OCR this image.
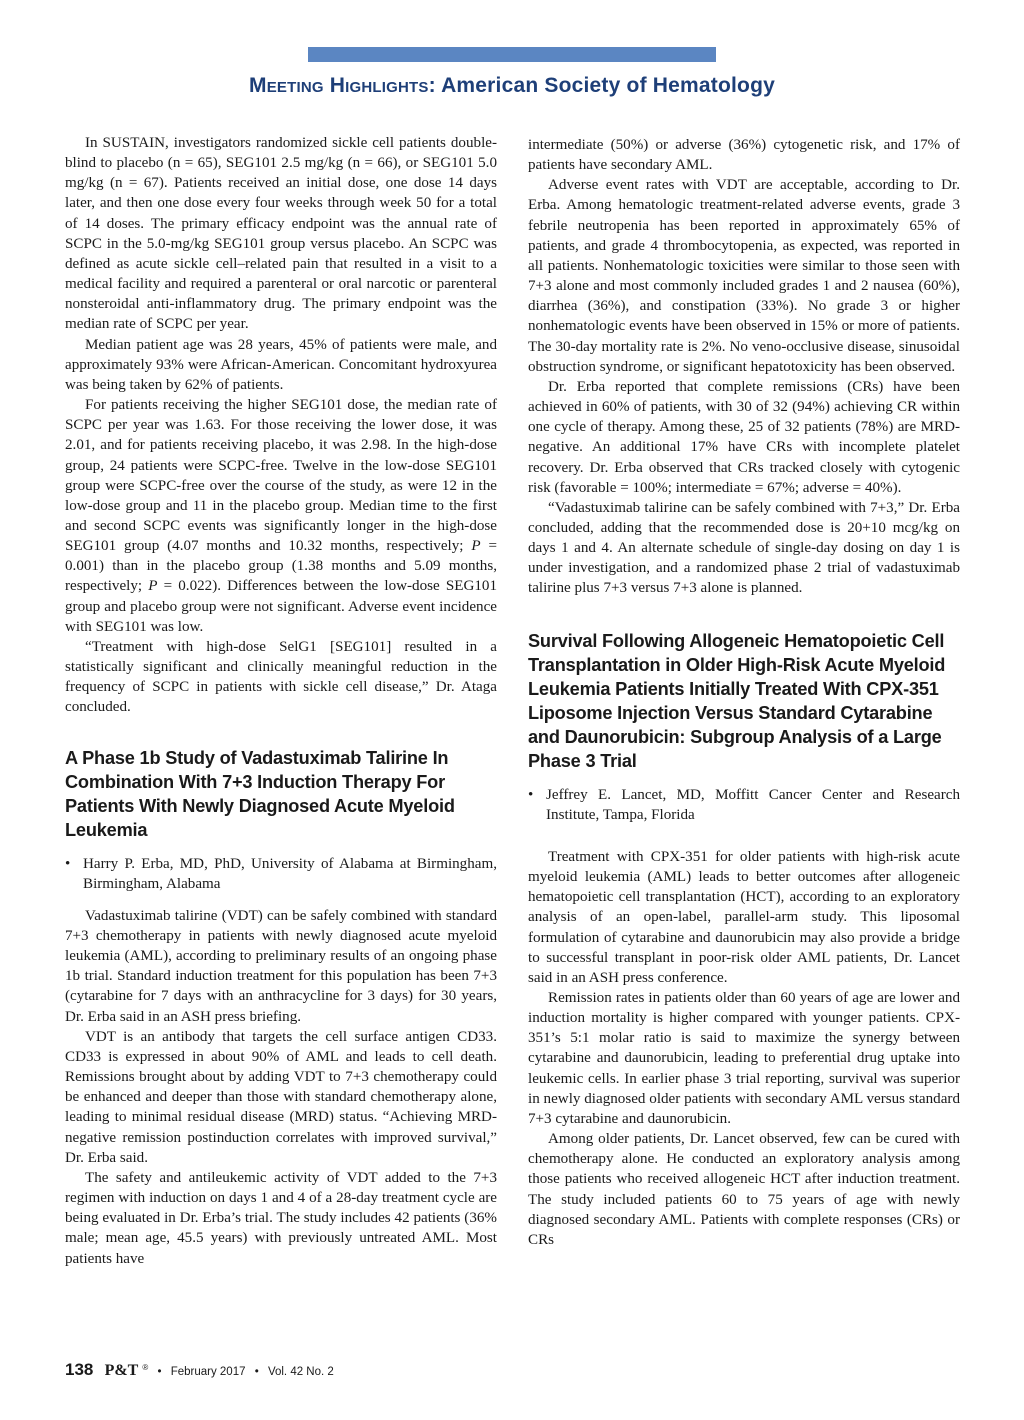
Meeting Highlights: American Society of Hematology

In SUSTAIN, investigators randomized sickle cell patients double-blind to placebo (n = 65), SEG101 2.5 mg/kg (n = 66), or SEG101 5.0 mg/kg (n = 67). Patients received an initial dose, one dose 14 days later, and then one dose every four weeks through week 50 for a total of 14 doses. The primary efficacy endpoint was the annual rate of SCPC in the 5.0-mg/kg SEG101 group versus placebo. An SCPC was defined as acute sickle cell–related pain that resulted in a visit to a medical facility and required a parenteral or oral narcotic or parenteral nonsteroidal anti-inflammatory drug. The primary endpoint was the median rate of SCPC per year.

Median patient age was 28 years, 45% of patients were male, and approximately 93% were African-American. Concomitant hydroxyurea was being taken by 62% of patients.

For patients receiving the higher SEG101 dose, the median rate of SCPC per year was 1.63. For those receiving the lower dose, it was 2.01, and for patients receiving placebo, it was 2.98. In the high-dose group, 24 patients were SCPC-free. Twelve in the low-dose SEG101 group were SCPC-free over the course of the study, as were 12 in the low-dose group and 11 in the placebo group. Median time to the first and second SCPC events was significantly longer in the high-dose SEG101 group (4.07 months and 10.32 months, respectively; P = 0.001) than in the placebo group (1.38 months and 5.09 months, respectively; P = 0.022). Differences between the low-dose SEG101 group and placebo group were not significant. Adverse event incidence with SEG101 was low.

“Treatment with high-dose SelG1 [SEG101] resulted in a statistically significant and clinically meaningful reduction in the frequency of SCPC in patients with sickle cell disease,” Dr. Ataga concluded.

A Phase 1b Study of Vadastuximab Talirine In Combination With 7+3 Induction Therapy For Patients With Newly Diagnosed Acute Myeloid Leukemia

• Harry P. Erba, MD, PhD, University of Alabama at Birmingham, Birmingham, Alabama

Vadastuximab talirine (VDT) can be safely combined with standard 7+3 chemotherapy in patients with newly diagnosed acute myeloid leukemia (AML), according to preliminary results of an ongoing phase 1b trial. Standard induction treatment for this population has been 7+3 (cytarabine for 7 days with an anthracycline for 3 days) for 30 years, Dr. Erba said in an ASH press briefing.

VDT is an antibody that targets the cell surface antigen CD33. CD33 is expressed in about 90% of AML and leads to cell death. Remissions brought about by adding VDT to 7+3 chemotherapy could be enhanced and deeper than those with standard chemotherapy alone, leading to minimal residual disease (MRD) status. “Achieving MRD-negative remission postinduction correlates with improved survival,” Dr. Erba said.

The safety and antileukemic activity of VDT added to the 7+3 regimen with induction on days 1 and 4 of a 28-day treatment cycle are being evaluated in Dr. Erba’s trial. The study includes 42 patients (36% male; mean age, 45.5 years) with previously untreated AML. Most patients have

intermediate (50%) or adverse (36%) cytogenetic risk, and 17% of patients have secondary AML.

Adverse event rates with VDT are acceptable, according to Dr. Erba. Among hematologic treatment-related adverse events, grade 3 febrile neutropenia has been reported in approximately 65% of patients, and grade 4 thrombocytopenia, as expected, was reported in all patients. Nonhematologic toxicities were similar to those seen with 7+3 alone and most commonly included grades 1 and 2 nausea (60%), diarrhea (36%), and constipation (33%). No grade 3 or higher nonhematologic events have been observed in 15% or more of patients. The 30-day mortality rate is 2%. No veno-occlusive disease, sinusoidal obstruction syndrome, or significant hepatotoxicity has been observed.

Dr. Erba reported that complete remissions (CRs) have been achieved in 60% of patients, with 30 of 32 (94%) achieving CR within one cycle of therapy. Among these, 25 of 32 patients (78%) are MRD-negative. An additional 17% have CRs with incomplete platelet recovery. Dr. Erba observed that CRs tracked closely with cytogenic risk (favorable = 100%; intermediate = 67%; adverse = 40%).

“Vadastuximab talirine can be safely combined with 7+3,” Dr. Erba concluded, adding that the recommended dose is 20+10 mcg/kg on days 1 and 4. An alternate schedule of single-day dosing on day 1 is under investigation, and a randomized phase 2 trial of vadastuximab talirine plus 7+3 versus 7+3 alone is planned.

Survival Following Allogeneic Hematopoietic Cell Transplantation in Older High-Risk Acute Myeloid Leukemia Patients Initially Treated With CPX-351 Liposome Injection Versus Standard Cytarabine and Daunorubicin: Subgroup Analysis of a Large Phase 3 Trial

• Jeffrey E. Lancet, MD, Moffitt Cancer Center and Research Institute, Tampa, Florida

Treatment with CPX-351 for older patients with high-risk acute myeloid leukemia (AML) leads to better outcomes after allogeneic hematopoietic cell transplantation (HCT), according to an exploratory analysis of an open-label, parallel-arm study. This liposomal formulation of cytarabine and daunorubicin may also provide a bridge to successful transplant in poor-risk older AML patients, Dr. Lancet said in an ASH press conference.

Remission rates in patients older than 60 years of age are lower and induction mortality is higher compared with younger patients. CPX-351’s 5:1 molar ratio is said to maximize the synergy between cytarabine and daunorubicin, leading to preferential drug uptake into leukemic cells. In earlier phase 3 trial reporting, survival was superior in newly diagnosed older patients with secondary AML versus standard 7+3 cytarabine and daunorubicin.

Among older patients, Dr. Lancet observed, few can be cured with chemotherapy alone. He conducted an exploratory analysis among those patients who received allogeneic HCT after induction treatment. The study included patients 60 to 75 years of age with newly diagnosed secondary AML. Patients with complete responses (CRs) or CRs

138 P&T ® • February 2017 • Vol. 42 No. 2
